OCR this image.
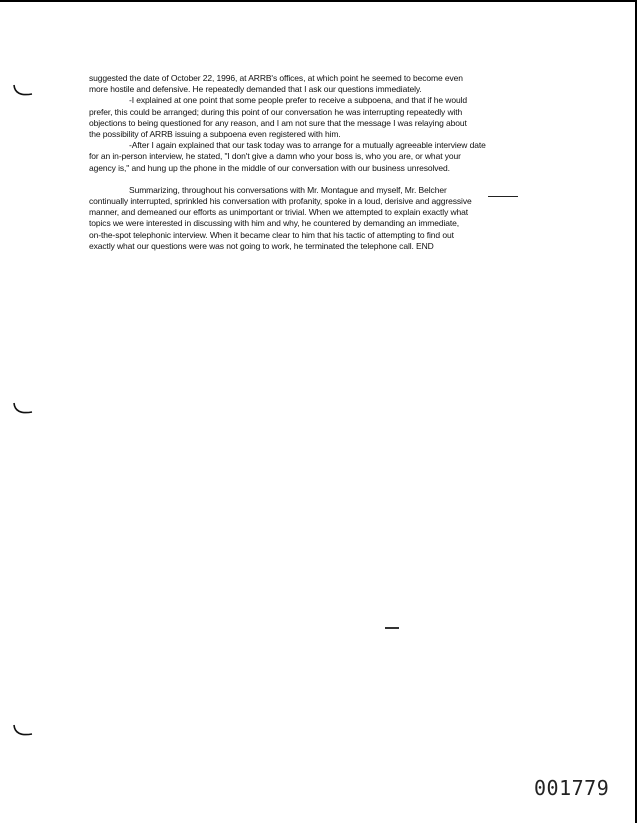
suggested the date of October 22, 1996, at ARRB's offices, at which point he seemed to become even

more hostile and defensive. He repeatedly demanded that I ask our questions immediately.

-I explained at one point that some people prefer to receive a subpoena, and that if he would

prefer, this could be arranged; during this point of our conversation he was interrupting repeatedly with

objections to being questioned for any reason, and I am not sure that the message I was relaying about

the possibility of ARRB issuing a subpoena even registered with him.

-After I again explained that our task today was to arrange for a mutually agreeable interview date

for an in-person interview, he stated, "I don't give a damn who your boss is, who you are, or what your

agency is," and hung up the phone in the middle of our conversation with our business unresolved.

Summarizing, throughout his conversations with Mr. Montague and myself, Mr. Belcher

continually interrupted, sprinkled his conversation with profanity, spoke in a loud, derisive and aggressive

manner, and demeaned our efforts as unimportant or trivial. When we attempted to explain exactly what

topics we were interested in discussing with him and why, he countered by demanding an immediate,

on-the-spot telephonic interview. When it became clear to him that his tactic of attempting to find out

exactly what our questions were was not going to work, he terminated the telephone call. END

001779
